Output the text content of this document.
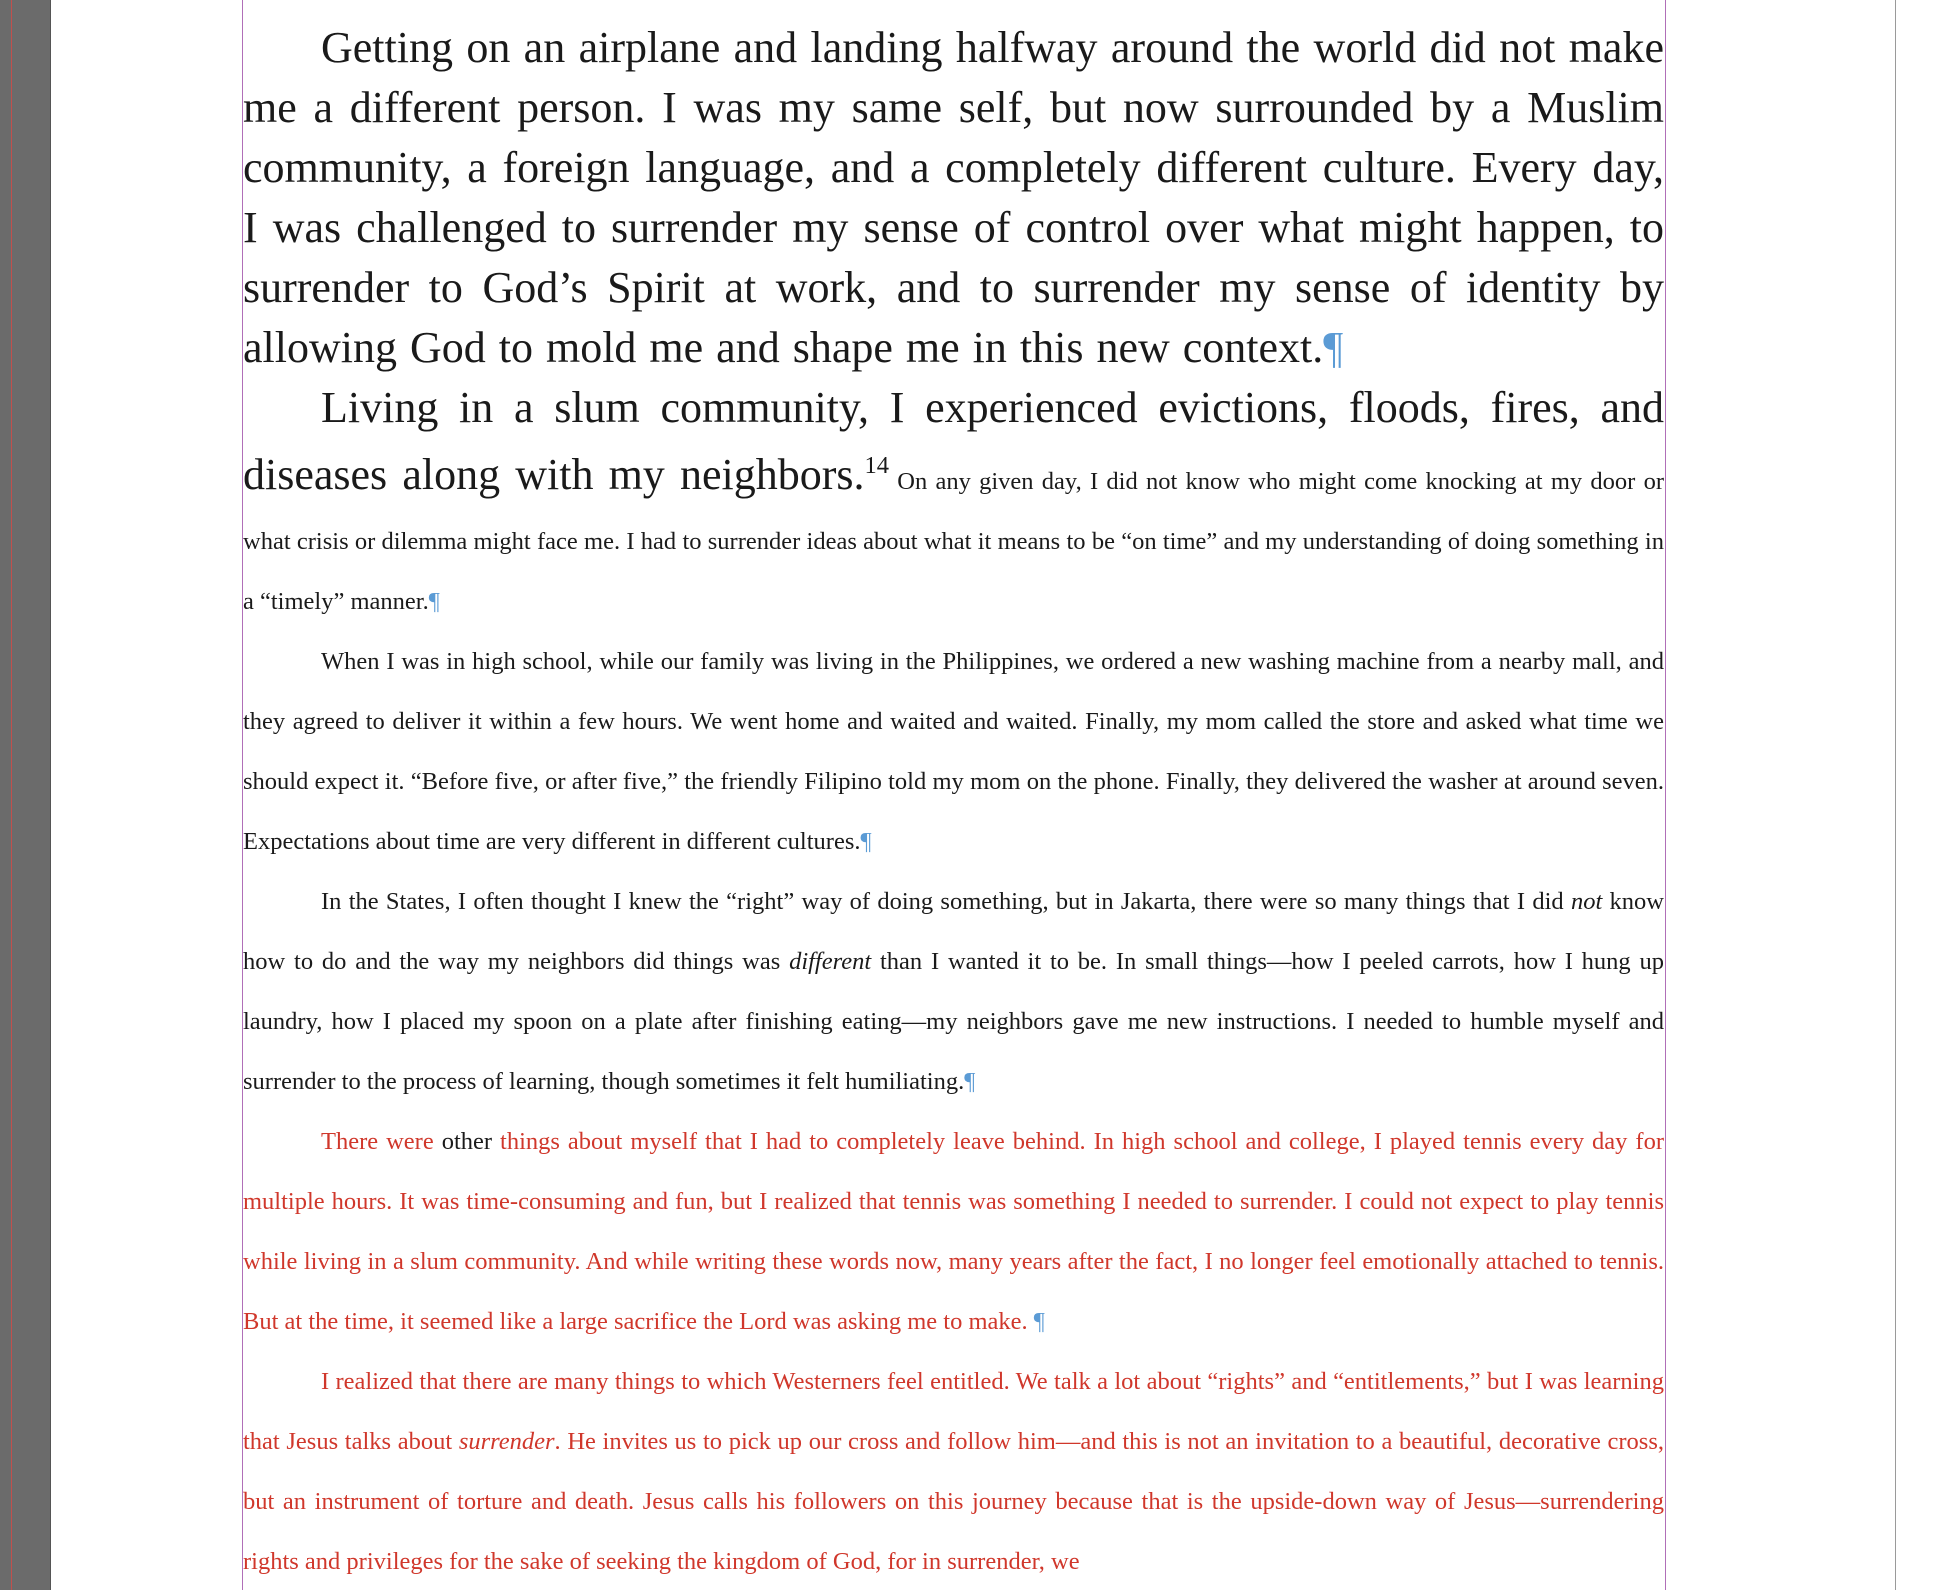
Getting on an airplane and landing halfway around the world did not make me a different person. I was my same self, but now surrounded by a Muslim community, a foreign language, and a completely different culture. Every day, I was challenged to surrender my sense of control over what might happen, to surrender to God’s Spirit at work, and to surrender my sense of identity by allowing God to mold me and shape me in this new context.¶

Living in a slum community, I experienced evictions, floods, fires, and diseases along with my neighbors.$^{14}$ On any given day, I did not know who might come knocking at my door or what crisis or dilemma might face me. I had to surrender ideas about what it means to be “on time” and my understanding of doing something in a “timely” manner.¶

When I was in high school, while our family was living in the Philippines, we ordered a new washing machine from a nearby mall, and they agreed to deliver it within a few hours. We went home and waited and waited. Finally, my mom called the store and asked what time we should expect it. “Before five, or after five,” the friendly Filipino told my mom on the phone. Finally, they delivered the washer at around seven. Expectations about time are very different in different cultures.¶

In the States, I often thought I knew the “right” way of doing something, but in Jakarta, there were so many things that I did not know how to do and the way my neighbors did things was different than I wanted it to be. In small things—how I peeled carrots, how I hung up laundry, how I placed my spoon on a plate after finishing eating—my neighbors gave me new instructions. I needed to humble myself and surrender to the process of learning, though sometimes it felt humiliating.¶

There were other things about myself that I had to completely leave behind. In high school and college, I played tennis every day for multiple hours. It was time-consuming and fun, but I realized that tennis was something I needed to surrender. I could not expect to play tennis while living in a slum community. And while writing these words now, many years after the fact, I no longer feel emotionally attached to tennis. But at the time, it seemed like a large sacrifice the Lord was asking me to make. ¶

I realized that there are many things to which Westerners feel entitled. We talk a lot about “rights” and “entitlements,” but I was learning that Jesus talks about surrender. He invites us to pick up our cross and follow him—and this is not an invitation to a beautiful, decorative cross, but an instrument of torture and death. Jesus calls his followers on this journey because that is the upside-down way of Jesus—surrendering rights and privileges for the sake of seeking the kingdom of God, for in surrender, we
